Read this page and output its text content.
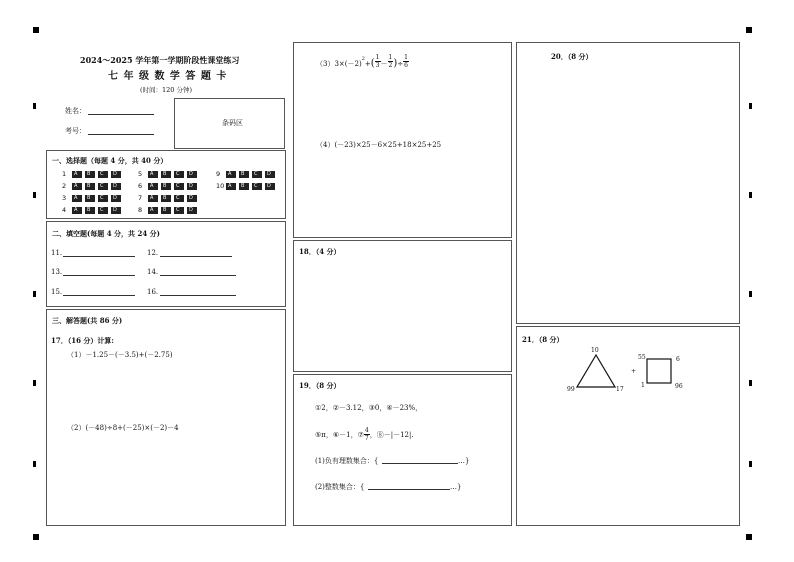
2024～2025 学年第一学期阶段性课堂练习
七 年 级 数 学 答 题 卡
(时间：120 分钟)
姓名：
考号：
条码区
一、选择题（每题 4 分，共 40 分）
1 A B C D
2 A B C D
3 A B C D
4 A B C D
5 A B C D
6 A B C D
7 A B C D
8 A B C D
9 A B C D
10 A B C D
二、填空题(每题 4 分，共 24 分)
11.	12.
13.	14.
15.	16.
三、解答题(共 86 分)
17．（16 分）计算:
（1）－1.25－(－3.5)+(－2.75)
（2）(－48)÷8+(－25)×(－2)－4
$(3)3\times(-2)^2+( \frac{1}{3} - \frac{1}{2}$ )÷ $\frac{1}{6}$
（4）(－23)×25－6×25+18×25+25
18．（4 分）
19．（8 分）
①2，②－3.12，③0，④－23%，
⑤π，⑥－1，⑦ $\frac{4}{7}$ ，⑧－|－12|.
(1)负有理数集合：{	…}
(2)整数集合：{	…}
20．（8 分）
21．（8 分）
10
99	17
+
55	6
1	96
